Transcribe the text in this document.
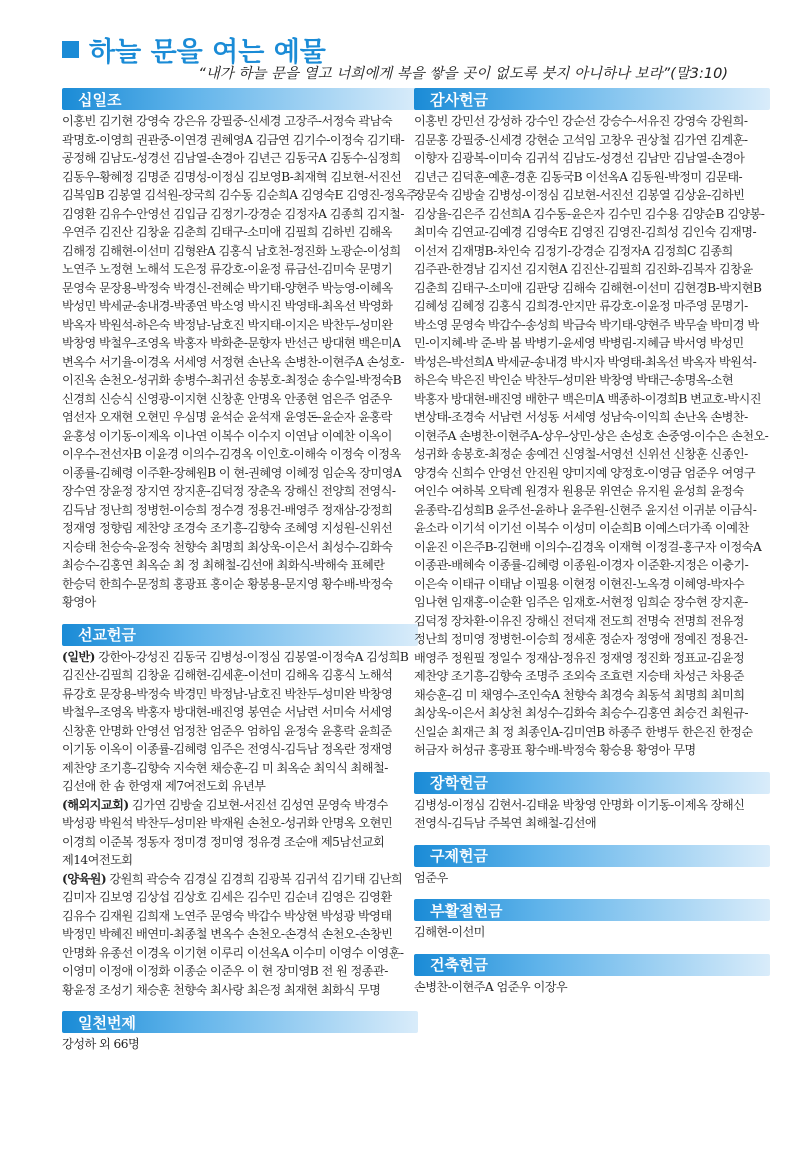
하늘 문을 여는 예물
“내가 하늘 문을 열고 너희에게 복을 쌓을 곳이 없도록 붓지 아니하나 보라”(말3:10)
십일조
이홍빈 김기현 강영숙 강은유 강필중-신세경 고장주-서정숙 곽남숙 곽명호-이영희 권관중-이연경 권혜영A 김금연 김기수-이정숙 김기태-공정해 김남도-성경선 김남열-손경아 김년근 김동국A 김동수-심정희 김동우-황혜정 김명준 김명성-이정심 김보영B-최재혁 김보현-서진선 김복임B 김봉열 김석원-장국희 김수동 김순희A 김영숙E 김영진-정옥주 김영환 김유수-안영선 김입금 김정기-강경순 김정자A 김종희 김지철-우연주 김진산 김창윤 김춘희 김태구-소미애 김필희 김하빈 김해옥 김해정 김해현-이선미 김형완A 김홍식 남호천-정진화 노광순-이성희 노연주 노정현 노해석 도은정 류강호-이윤정 류금선-김미숙 문명기 문영숙 문장용-박정숙 박경신-전혜순 박기태-양현주 박능영-이혜옥 박성민 박세균-송내경-박종연 박소영 박시진 박영태-최옥선 박영화 박옥자 박원석-하은숙 박정남-남호진 박지태-이지은 박찬두-성미완 박창영 박철우-조영옥 박홍자 박화춘-문향자 반선근 방대현 백은미A 변옥수 서기율-이경옥 서세영 서정현 손난옥 손병찬-이현주A 손성호-이진옥 손천오-성귀화 송병수-최귀선 송봉호-최정순 송수일-박정숙B 신경희 신승식 신영광-이지현 신창훈 안명옥 안종현 엄은주 엄준우 염선자 오재현 오현민 우심명 윤석순 윤석재 윤영돈-윤순자 윤홍락 윤홍성 이기동-이제옥 이나연 이복수 이수지 이연남 이예찬 이옥이 이우수-전선자B 이윤경 이의수-김경옥 이인호-이해숙 이정숙 이정옥 이종률-김혜령 이주환-장혜원B 이 현-권혜영 이혜정 임순옥 장미영A 장수연 장윤정 장지연 장지훈-김덕정 장춘옥 장해신 전양희 전영식-김득남 정난희 정병헌-이승희 정수경 정용건-배영주 정재삼-강정희 정재영 정향림 제찬양 조경숙 조기흥-김향숙 조혜영 지성원-신위선 지승태 천승숙-윤정숙 천향숙 최명희 최상욱-이은서 최성수-김화숙 최승수-김홍연 최옥순 최 정 최해철-김선애 최화식-박해숙 표혜란 한승덕 한희수-문정희 홍광표 홍이순 황봉용-문지영 황수배-박정숙 황영아
선교헌금

(일반) 강한아-강성진 김동국 김병성-이정심 김봉열-이정숙A 김성희B 김진산-김필희 김창윤 김해현-김세훈-이선미 김해옥 김홍식 노해석 류강호 문장용-박정숙 박경민 박정남-남호진 박찬두-성미완 박창영 박철우-조영옥 박홍자 방대현-배진영 봉연순 서남련 서미숙 서세영 신창훈 안명화 안영선 엄정찬 엄준우 엄하임 윤정숙 윤홍락 윤희준 이기동 이옥이 이종률-김혜령 임주은 전영식-김득남 정옥란 정재영 제찬양 조기흥-김향숙 지숙현 채승훈-김 미 최옥순 최익식 최해철-김선애 한 솜 한영재 제7여전도회 유년부

(해외지교회) 김가연 김방술 김보현-서진선 김성연 문영숙 박경수 박성광 박원석 박찬두-성미완 박재원 손천오-성귀화 안명옥 오현민 이경희 이준복 정동자 정미경 정미영 정유경 조순애 제5남선교회 제14여전도회

(양육원) 강원희 곽승숙 김경실 김경희 김광복 김귀석 김기태 김난희 김미자 김보영 김상섭 김상호 김세은 김수민 김순녀 김영은 김영환 김유수 김재원 김희재 노연주 문영숙 박갑수 박상현 박성광 박영태 박정민 박혜진 배연미-최종철 변옥수 손천오-손경석 손천오-손창빈 안명화 유종선 이경옥 이기현 이루리 이선옥A 이수미 이영수 이영훈-이영미 이정애 이정화 이종순 이준우 이 현 장미영B 전 원 정종관-황윤정 조성기 채승훈 천향숙 최사랑 최은정 최재현 최화식 무명

일천번제
강성하 외 66명
감사헌금
이홍빈 강민선 강성하 강수인 강순선 강승수-서유진 강영숙 강원희-김문홍 강필중-신세경 강현순 고석임 고창우 권상철 김가연 김계훈-이향자 김광복-이미숙 김귀석 김남도-성경선 김남만 김남열-손경아 김년근 김덕훈-예훈-경훈 김동국B 이선옥A 김동원-박정미 김문태-장문숙 김방술 김병성-이정심 김보현-서진선 김봉열 김상윤-김하빈 김상율-김은주 김선희A 김수동-윤은자 김수민 김수용 김양순B 김양봉-최미숙 김연교-김예경 김영숙E 김영진 김영진-김희성 김인숙 김재명-이선저 김재명B-차인숙 김정기-강경순 김정자A 김정희C 김종희 김주관-한경남 김지선 김지현A 김진산-김필희 김진화-김복자 김창윤 김춘희 김태구-소미애 김판당 김해숙 김해현-이선미 김현경B-박지현B 김혜성 김혜정 김홍식 김희경-안지만 류강호-이윤정 마주영 문명기-박소영 문영숙 박갑수-송성희 박금숙 박기태-양현주 박무술 박미경 박 민-이지혜-박 준-박 봄 박병기-윤세영 박병림-지혜금 박서영 박성민 박성은-박선희A 박세균-송내경 박시자 박영태-최옥선 박옥자 박원석-하은숙 박은진 박인순 박찬두-성미완 박창영 박태근-송명옥-소현 박홍자 방대현-배진영 배한구 백은미A 백종하-이경희B 변교호-박시진 변상태-조경숙 서남련 서성동 서세영 성남숙-이익희 손난옥 손병찬-이현주A 손병찬-이현주A-상우-상민-상은 손성호 손중영-이수은 손천오-성귀화 송봉호-최정순 송예건 신영철-서영선 신위선 신창훈 신종인-양경숙 신희수 안영선 안진원 양미지예 양정호-이영금 엄준우 여영구 여인수 여하복 오탁례 원경자 원용문 위연순 유지원 윤성희 윤정숙 윤종락-김성희B 윤주선-윤하나 윤주원-신현주 윤지선 이귀분 이금식-윤소라 이기석 이기선 이복수 이성미 이순희B 이예스더가족 이예찬 이윤진 이은주B-김현배 이의수-김경옥 이재혁 이정걸-홍구자 이정숙A 이종관-배혜숙 이종률-김혜령 이종원-이경자 이준환-지정은 이충기-이은숙 이태규 이태남 이필용 이현정 이현진-노옥경 이혜영-박자수 임나현 임재홍-이순환 임주은 임재호-서현정 임희순 장수현 장지훈-김덕정 장차환-이유진 장해신 전덕재 전도희 전명숙 전명희 전유정 정난희 정미영 정병헌-이승희 정세훈 정순자 정영애 정예진 정용건-배영주 정원필 정일수 정재삼-정유진 정재영 정진화 정표교-김윤정 제찬양 조기흥-김향숙 조명주 조외숙 조효련 지승태 차성근 차용준 채승훈-김 미 채영수-조인숙A 천향숙 최경숙 최동석 최명희 최미희 최상욱-이은서 최상천 최성수-김화숙 최승수-김홍연 최승건 최원규-신일순 최재근 최 정 최종인A-김미연B 하종주 한병두 한은진 한정순 허금자 허성규 홍광표 황수배-박정숙 황승용 황영아 무명
장학헌금
김병성-이정심 김현서-김태윤 박창영 안명화 이기동-이제옥 장해신 전영식-김득남 주복연 최해철-김선애
구제헌금
엄준우
부활절헌금
김해현-이선미
건축헌금
손병찬-이현주A 엄준우 이장우
